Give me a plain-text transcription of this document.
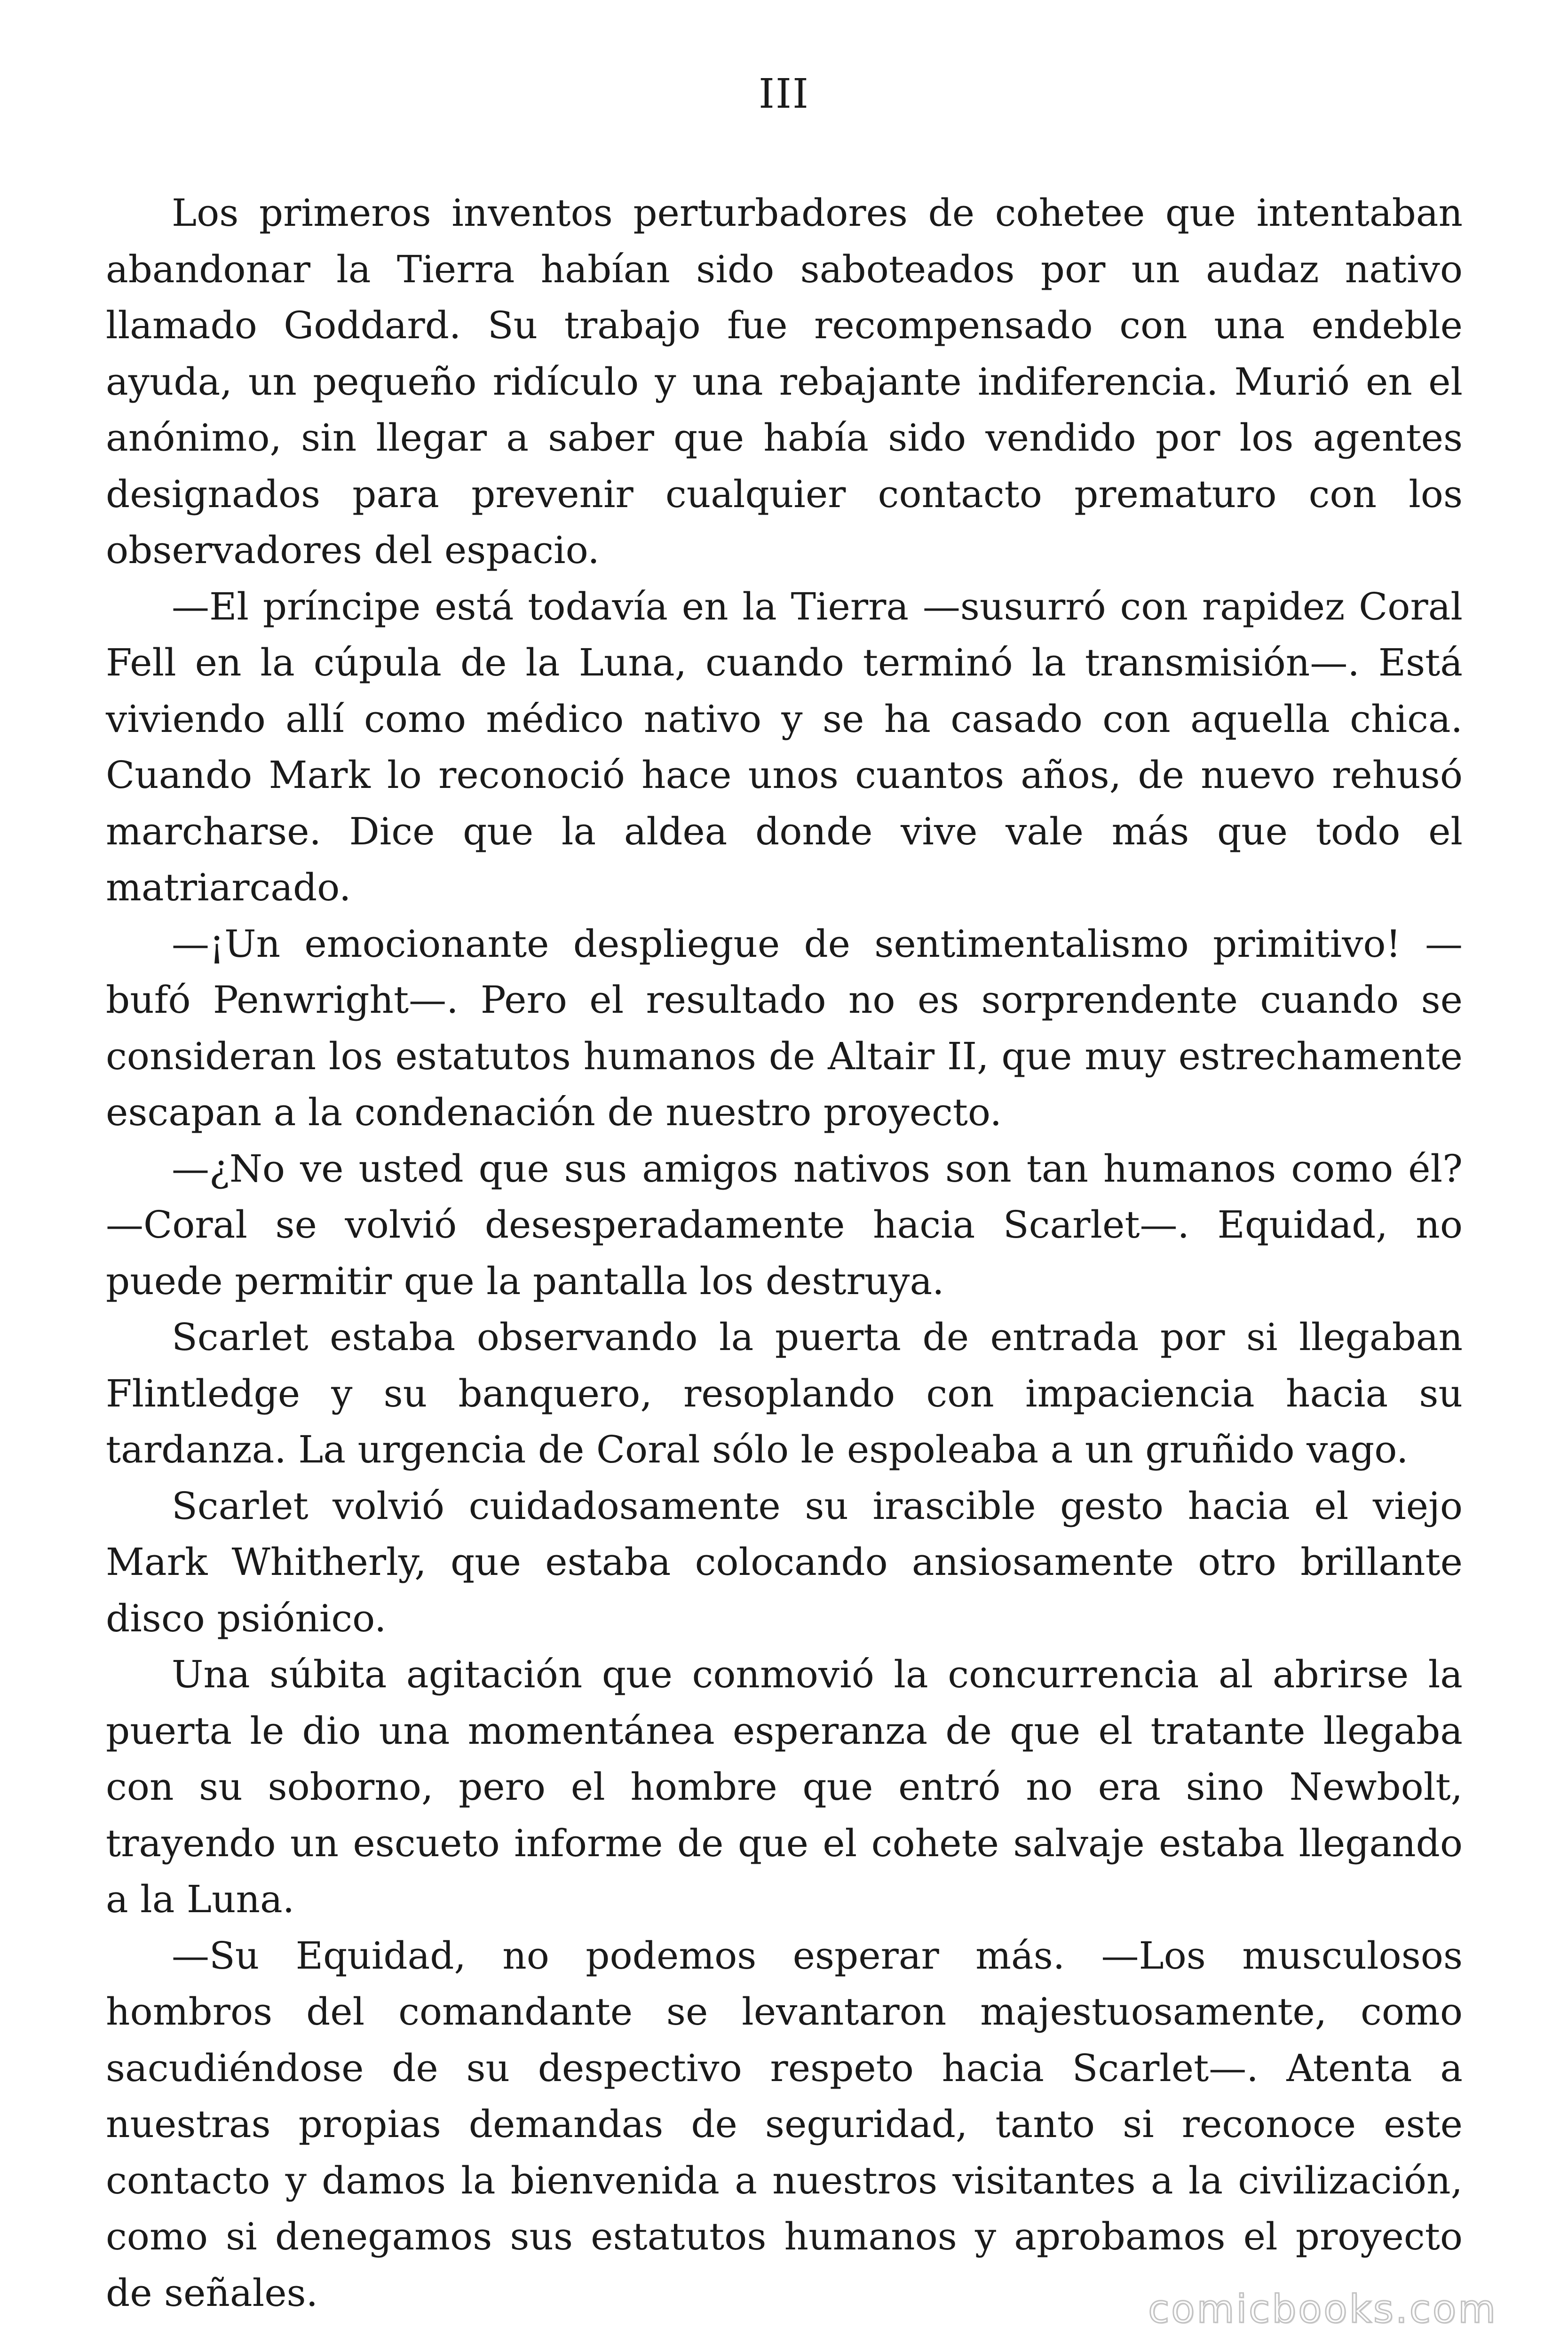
III

Los primeros inventos perturbadores de cohetee que intentaban abandonar la Tierra habían sido saboteados por un audaz nativo llamado Goddard. Su trabajo fue recompensado con una endeble ayuda, un pequeño ridículo y una rebajante indiferencia. Murió en el anónimo, sin llegar a saber que había sido vendido por los agentes designados para prevenir cualquier contacto prematuro con los observadores del espacio.

—El príncipe está todavía en la Tierra —susurró con rapidez Coral Fell en la cúpula de la Luna, cuando terminó la transmisión—. Está viviendo allí como médico nativo y se ha casado con aquella chica. Cuando Mark lo reconoció hace unos cuantos años, de nuevo rehusó marcharse. Dice que la aldea donde vive vale más que todo el matriarcado.

—¡Un emocionante despliegue de sentimentalismo primitivo! —bufó Penwright—. Pero el resultado no es sorprendente cuando se consideran los estatutos humanos de Altair II, que muy estrechamente escapan a la condenación de nuestro proyecto.

—¿No ve usted que sus amigos nativos son tan humanos como él? —Coral se volvió desesperadamente hacia Scarlet—. Equidad, no puede permitir que la pantalla los destruya.

Scarlet estaba observando la puerta de entrada por si llegaban Flintledge y su banquero, resoplando con impaciencia hacia su tardanza. La urgencia de Coral sólo le espoleaba a un gruñido vago.

Scarlet volvió cuidadosamente su irascible gesto hacia el viejo Mark Whitherly, que estaba colocando ansiosamente otro brillante disco psiónico.

Una súbita agitación que conmovió la concurrencia al abrirse la puerta le dio una momentánea esperanza de que el tratante llegaba con su soborno, pero el hombre que entró no era sino Newbolt, trayendo un escueto informe de que el cohete salvaje estaba llegando a la Luna.

—Su Equidad, no podemos esperar más. —Los musculosos hombros del comandante se levantaron majestuosamente, como sacudiéndose de su despectivo respeto hacia Scarlet—. Atenta a nuestras propias demandas de seguridad, tanto si reconoce este contacto y damos la bienvenida a nuestros visitantes a la civilización, como si denegamos sus estatutos humanos y aprobamos el proyecto de señales.	comicbooks.com
